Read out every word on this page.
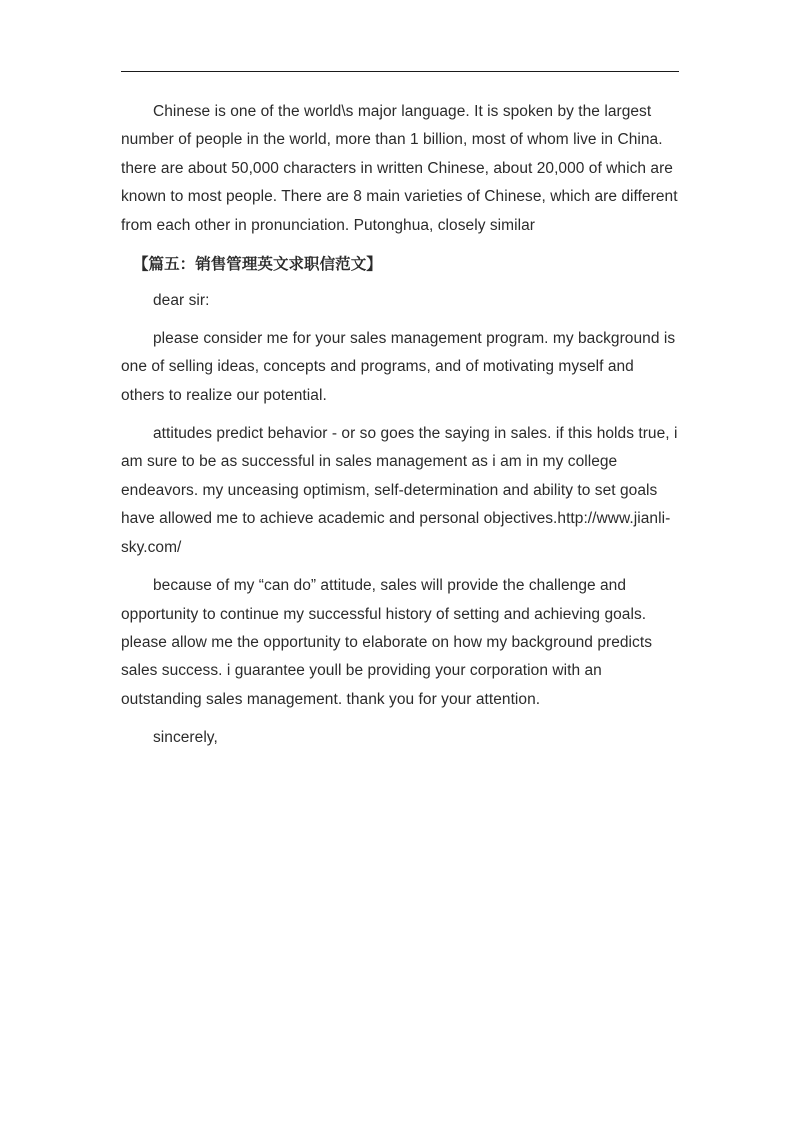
Chinese is one of the world\s major language. It is spoken by the largest number of people in the world, more than 1 billion, most of whom live in China. there are about 50,000 characters in written Chinese, about 20,000 of which are known to most people. There are 8 main varieties of Chinese, which are different from each other in pronunciation. Putonghua, closely similar

【篇五：销售管理英文求职信范文】

dear sir:

please consider me for your sales management program. my background is one of selling ideas, concepts and programs, and of motivating myself and others to realize our potential.

attitudes predict behavior - or so goes the saying in sales. if this holds true, i am sure to be as successful in sales management as i am in my college endeavors. my unceasing optimism, self-determination and ability to set goals have allowed me to achieve academic and personal objectives.http://www.jianli-sky.com/

because of my “can do” attitude, sales will provide the challenge and opportunity to continue my successful history of setting and achieving goals. please allow me the opportunity to elaborate on how my background predicts sales success. i guarantee youll be providing your corporation with an outstanding sales management. thank you for your attention.

sincerely,
